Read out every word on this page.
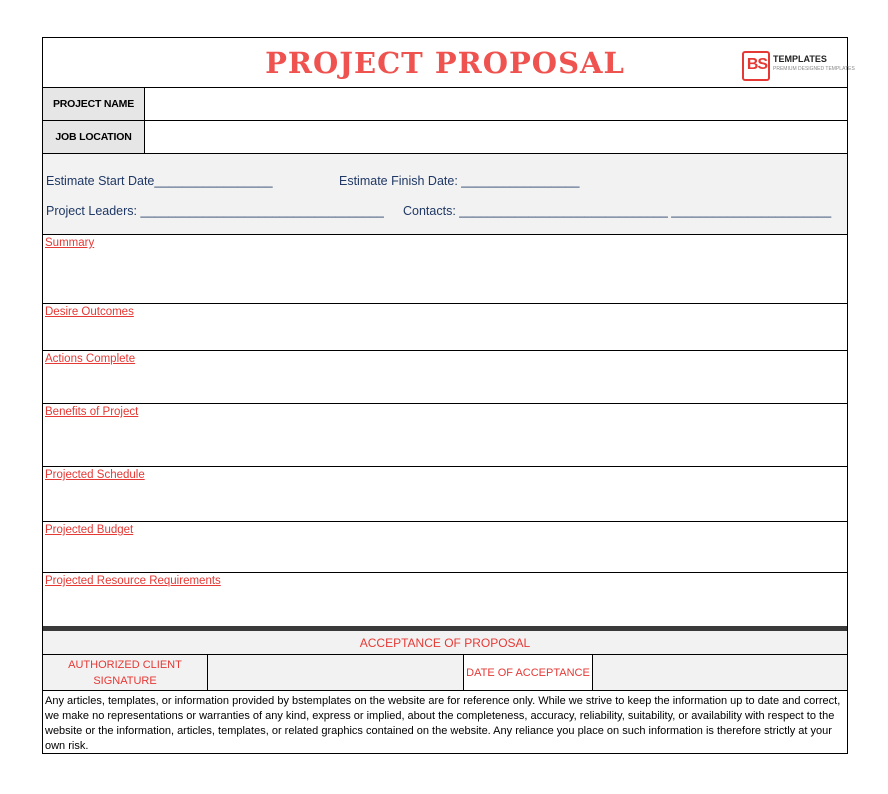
PROJECT PROPOSAL	BS TEMPLATES
PREMIUM DESIGNED TEMPLATES
PROJECT NAME
JOB LOCATION
Estimate Start Date_________________	Estimate Finish Date: _________________
Project Leaders: ___________________________________ Contacts: ______________________________ _______________________
Summary
Desire Outcomes
Actions Complete
Benefits of Project
Projected Schedule
Projected Budget
Projected Resource Requirements
ACCEPTANCE OF PROPOSAL
AUTHORIZED CLIENT
SIGNATURE
DATE OF ACCEPTANCE
Any articles, templates, or information provided by bstemplates on the website are for reference only. While we strive to keep the information up to date and correct, we make no representations or warranties of any kind, express or implied, about the completeness, accuracy, reliability, suitability, or availability with respect to the website or the information, articles, templates, or related graphics contained on the website. Any reliance you place on such information is therefore strictly at your own risk.
